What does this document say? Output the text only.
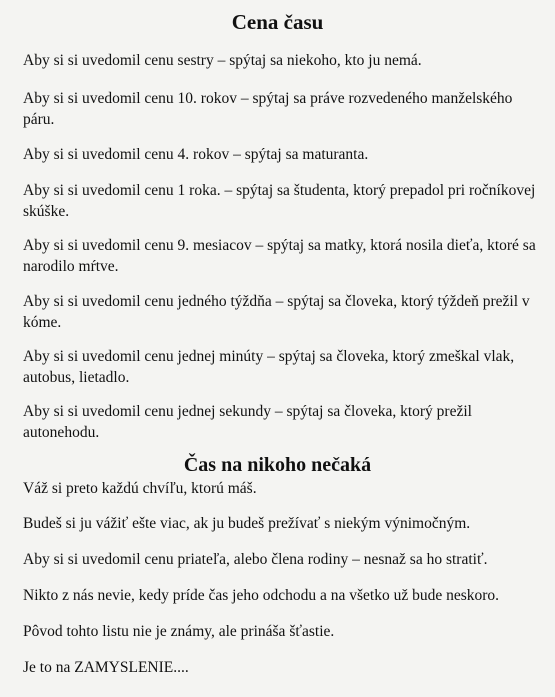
Cena času

Aby si si uvedomil cenu sestry – spýtaj sa niekoho, kto ju nemá.

Aby si si uvedomil cenu 10. rokov – spýtaj sa práve rozvedeného manželského páru.

Aby si si uvedomil cenu 4. rokov – spýtaj sa maturanta.

Aby si si uvedomil cenu 1 roka. – spýtaj sa študenta, ktorý prepadol pri ročníkovej skúške.

Aby si si uvedomil cenu 9. mesiacov – spýtaj sa matky, ktorá nosila dieťa, ktoré sa narodilo mŕtve.

Aby si si uvedomil cenu jedného týždňa – spýtaj sa človeka, ktorý týždeň prežil v kóme.

Aby si si uvedomil cenu jednej minúty – spýtaj sa človeka, ktorý zmeškal vlak, autobus, lietadlo.

Aby si si uvedomil cenu jednej sekundy – spýtaj sa človeka, ktorý prežil autonehodu.

Čas na nikoho nečaká

Váž si preto každú chvíľu, ktorú máš.

Budeš si ju vážiť ešte viac, ak ju budeš prežívať s niekým výnimočným.

Aby si si uvedomil cenu priateľa, alebo člena rodiny – nesnaž sa ho stratiť.

Nikto z nás nevie, kedy príde čas jeho odchodu a na všetko už bude neskoro.

Pôvod tohto listu nie je známy, ale prináša šťastie.

Je to na ZAMYSLENIE....
